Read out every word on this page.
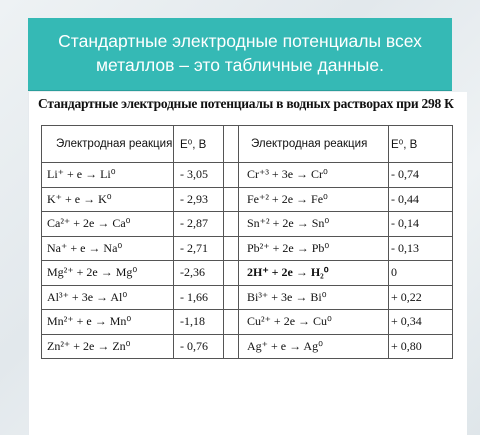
Стандартные электродные потенциалы всех
металлов – это табличные данные.
Стандартные электродные потенциалы в водных растворах при 298 К
Электродная реакция	E⁰, В		Электродная реакция	E⁰, В
Li⁺ + e → Li⁰	- 3,05		Cr⁺³ + 3e → Cr⁰	- 0,74
K⁺ + e → K⁰	- 2,93		Fe⁺² + 2e → Fe⁰	- 0,44
Ca²⁺ + 2e → Ca⁰	- 2,87		Sn⁺² + 2e → Sn⁰	- 0,14
Na⁺ + e → Na⁰	- 2,71		Pb²⁺ + 2e → Pb⁰	- 0,13
Mg²⁺ + 2e → Mg⁰	-2,36		2H⁺ + 2e → H₂⁰	0
Al³⁺ + 3e → Al⁰	- 1,66		Bi³⁺ + 3e → Bi⁰	+ 0,22
Mn²⁺ + e → Mn⁰	-1,18		Cu²⁺ + 2e → Cu⁰	+ 0,34
Zn²⁺ + 2e → Zn⁰	- 0,76		Ag⁺ + e → Ag⁰	+ 0,80
